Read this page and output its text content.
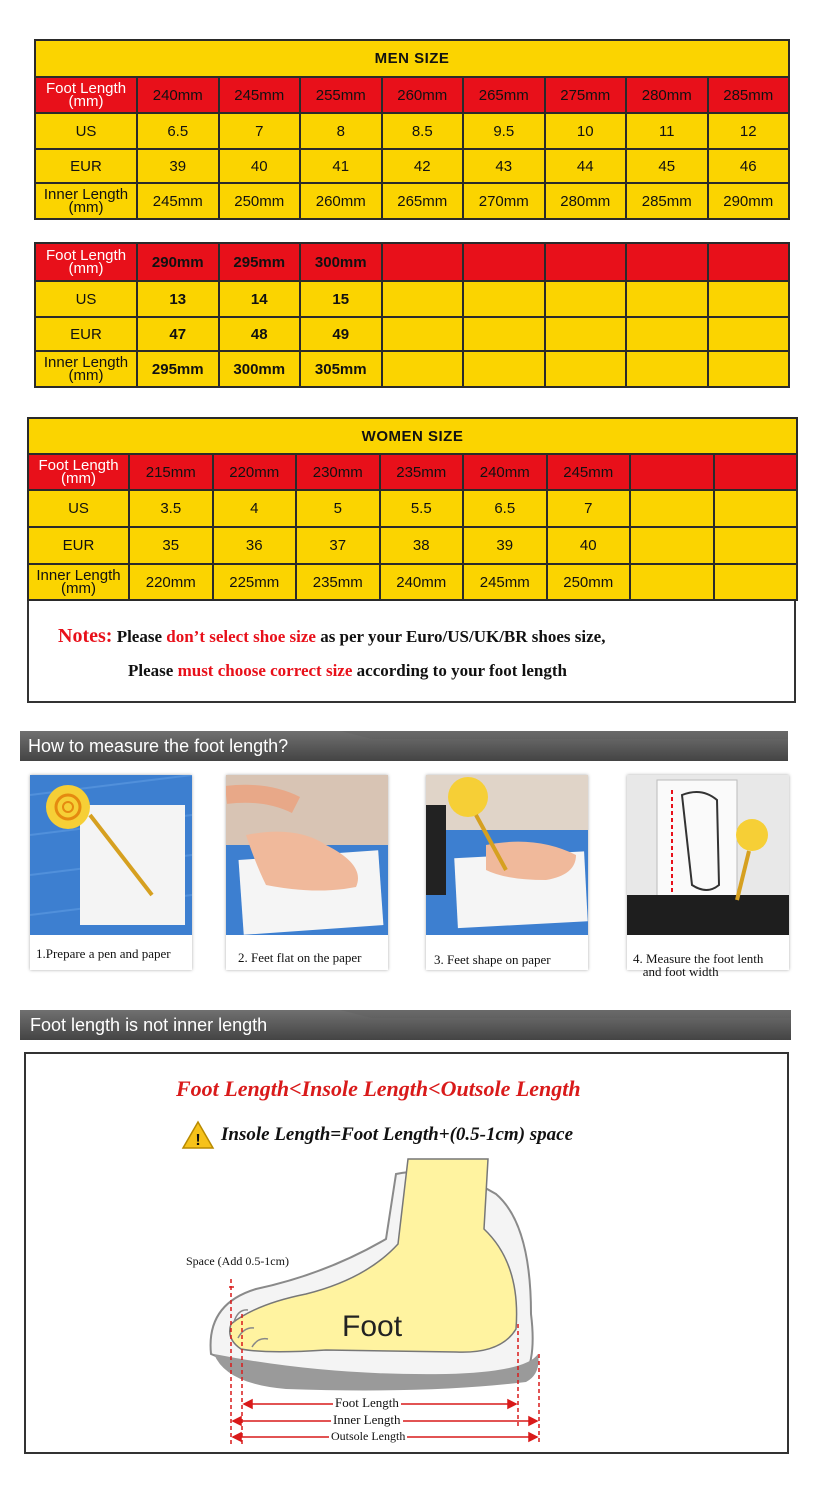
MEN SIZE								
Foot Length
(mm)	240mm	245mm	255mm	260mm	265mm	275mm	280mm	285mm
US	6.5	7	8	8.5	9.5	10	11	12
EUR	39	40	41	42	43	44	45	46
Inner Length
(mm)	245mm	250mm	260mm	265mm	270mm	280mm	285mm	290mm
Foot Length
(mm)	290mm	295mm	300mm					
US	13	14	15					
EUR	47	48	49					
Inner Length
(mm)	295mm	300mm	305mm					
WOMEN SIZE								
Foot Length
(mm)	215mm	220mm	230mm	235mm	240mm	245mm		
US	3.5	4	5	5.5	6.5	7		
EUR	35	36	37	38	39	40		
Inner Length
(mm)	220mm	225mm	235mm	240mm	245mm	250mm		
Notes: Please don’t select shoe size as per your Euro/US/UK/BR shoes size,
Please must choose correct size according to your foot length
How to measure the foot length?
1.Prepare a pen and paper	2. Feet flat on the paper	3. Feet shape on paper	4. Measure the foot lenth
and foot width
Foot length is not inner length
Foot Length<Insole Length<Outsole Length
! Insole Length=Foot Length+(0.5-1cm) space
Space (Add 0.5-1cm)
Foot
Foot Length
Inner Length
Outsole Length
